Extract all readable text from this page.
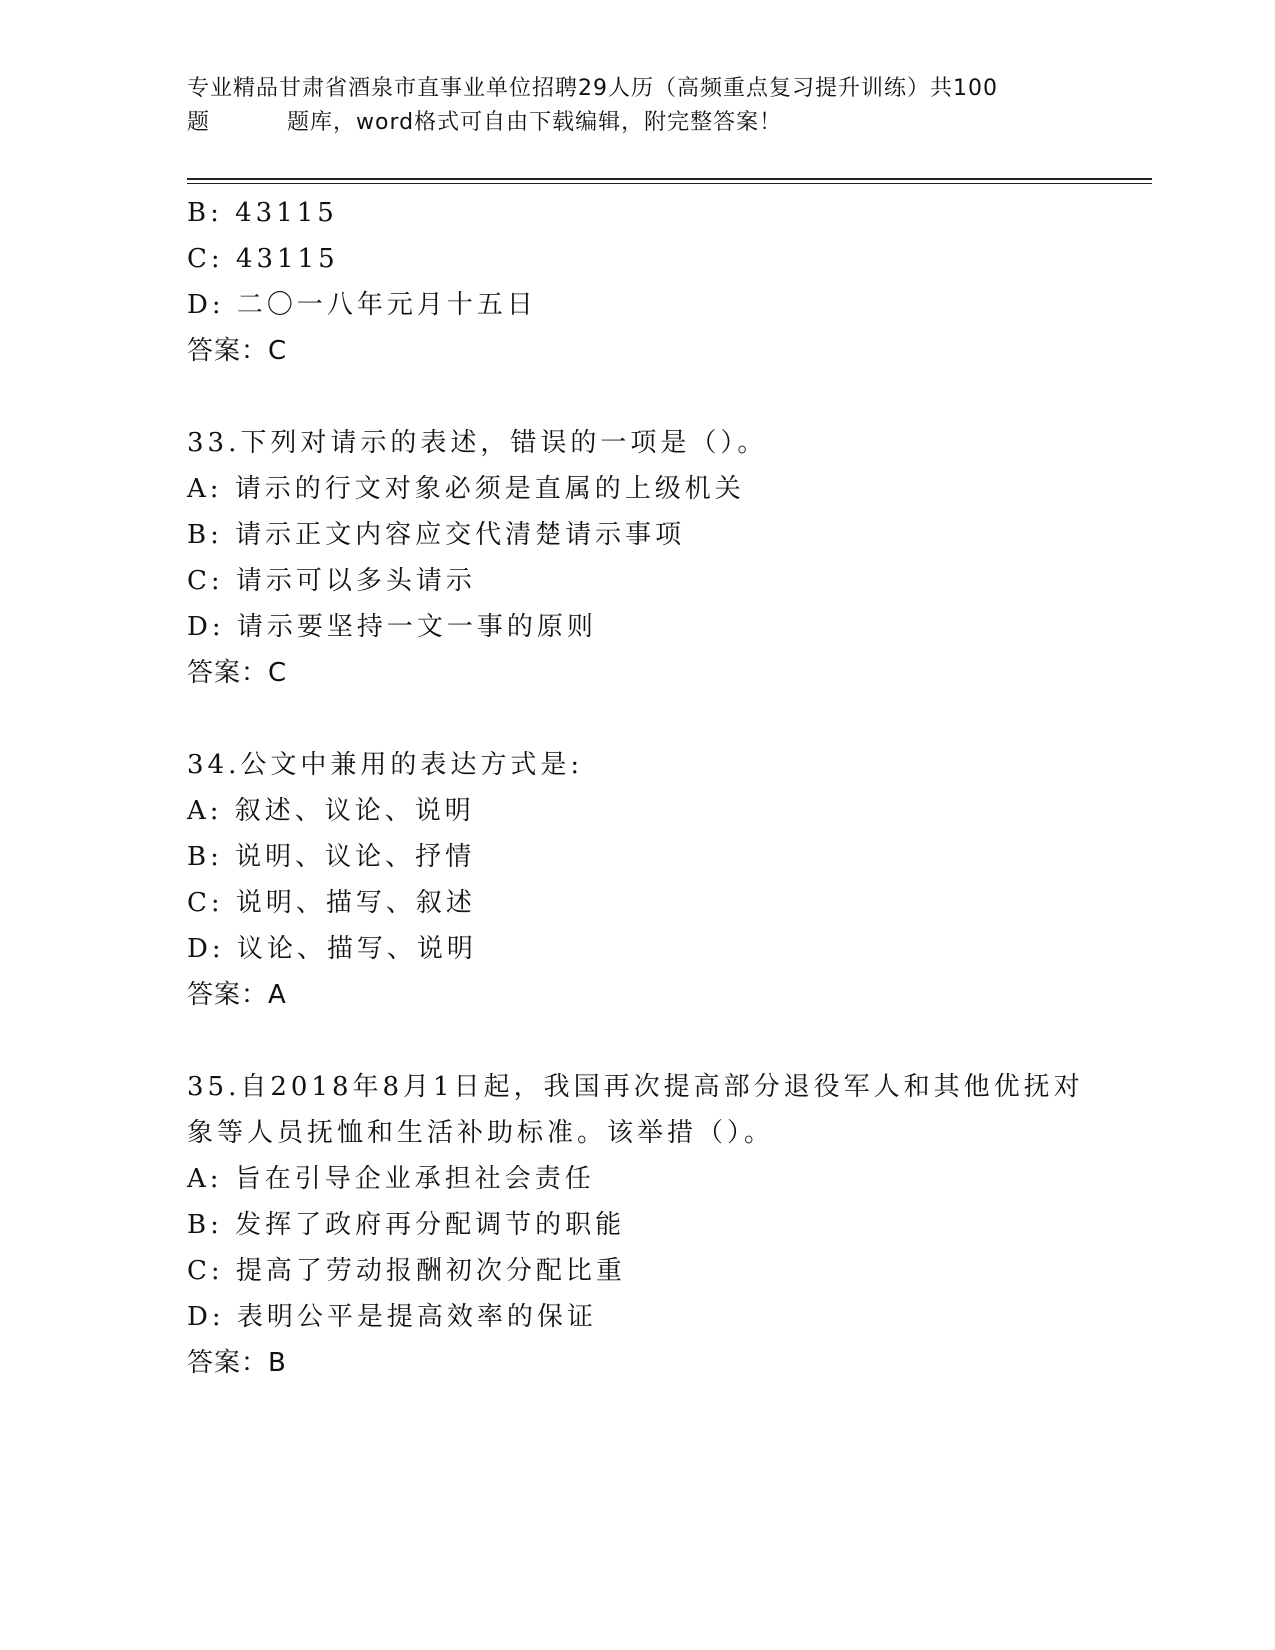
专业精品甘肃省酒泉市直事业单位招聘29人历（高频重点复习提升训练）共100
题	题库，word格式可自由下载编辑，附完整答案！
B: 43115
C: 43115
D: 二〇一八年元月十五日
答案：C
33.下列对请示的表述，错误的一项是（）。
A: 请示的行文对象必须是直属的上级机关
B: 请示正文内容应交代清楚请示事项
C: 请示可以多头请示
D: 请示要坚持一文一事的原则
答案：C
34.公文中兼用的表达方式是:
A: 叙述、议论、说明
B: 说明、议论、抒情
C: 说明、描写、叙述
D: 议论、描写、说明
答案：A
35.自2018年8月1日起，我国再次提高部分退役军人和其他优抚对
象等人员抚恤和生活补助标准。该举措（）。
A: 旨在引导企业承担社会责任
B: 发挥了政府再分配调节的职能
C: 提高了劳动报酬初次分配比重
D: 表明公平是提高效率的保证
答案：B
